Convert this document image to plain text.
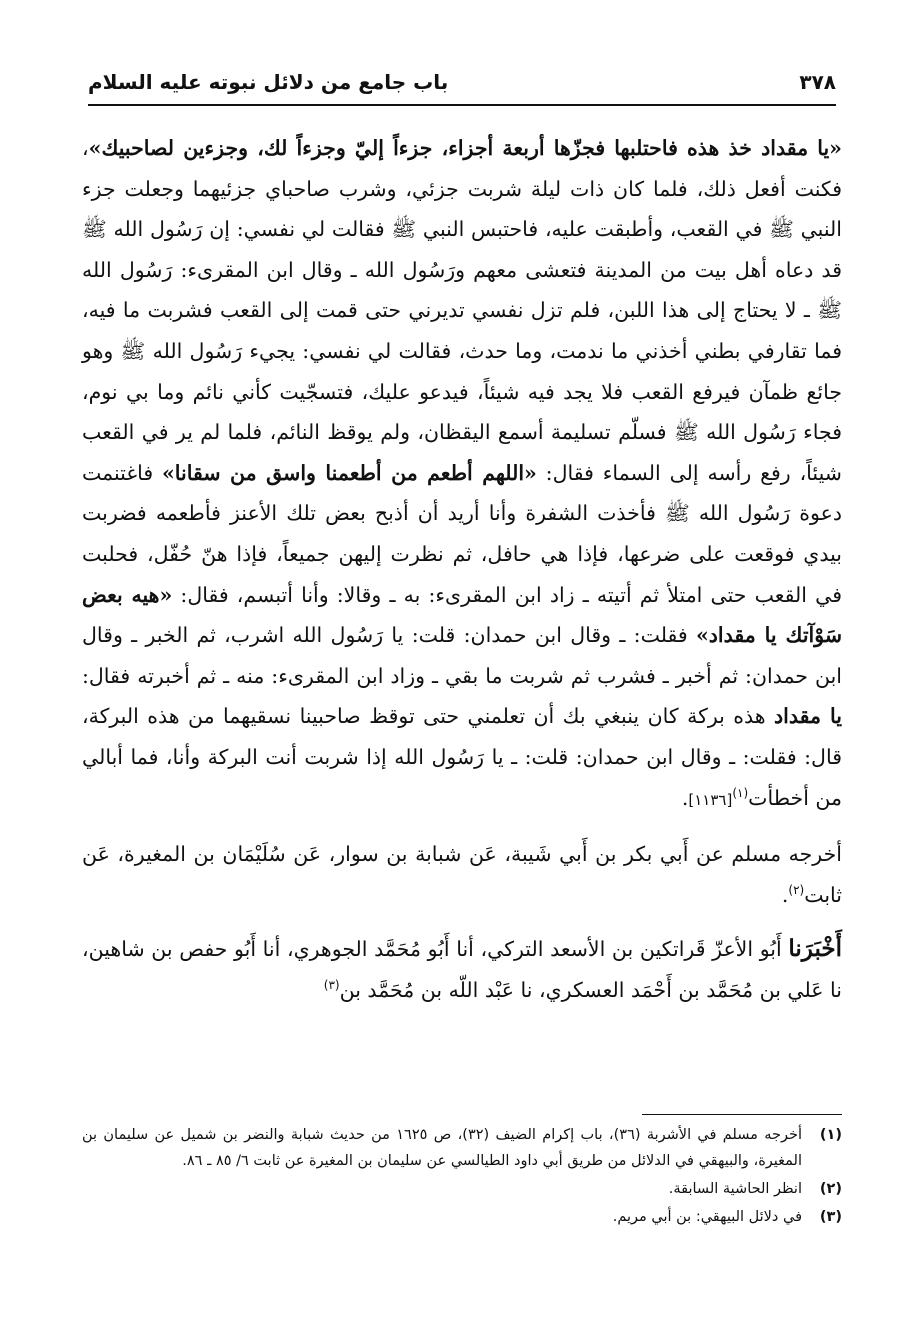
٣٧٨
باب جامع من دلائل نبوته عليه السلام

«يا مقداد خذ هذه فاحتلبها فجزّها أربعة أجزاء، جزءاً إليّ وجزءاً لك، وجزءين لصاحبيك»، فكنت أفعل ذلك، فلما كان ذات ليلة شربت جزئي، وشرب صاحباي جزئيهما وجعلت جزء النبي ﷺ في القعب، وأطبقت عليه، فاحتبس النبي ﷺ فقالت لي نفسي: إن رَسُول الله ﷺ قد دعاه أهل بيت من المدينة فتعشى معهم ورَسُول الله ـ وقال ابن المقرىء: رَسُول الله ﷺ ـ لا يحتاج إلى هذا اللبن، فلم تزل نفسي تديرني حتى قمت إلى القعب فشربت ما فيه، فما تقارفي بطني أخذني ما ندمت، وما حدث، فقالت لي نفسي: يجيء رَسُول الله ﷺ وهو جائع ظمآن فيرفع القعب فلا يجد فيه شيئاً، فيدعو عليك، فتسجّيت كأني نائم وما بي نوم، فجاء رَسُول الله ﷺ فسلّم تسليمة أسمع اليقظان، ولم يوقظ النائم، فلما لم ير في القعب شيئاً، رفع رأسه إلى السماء فقال: «اللهم أطعم من أطعمنا واسق من سقانا» فاغتنمت دعوة رَسُول الله ﷺ فأخذت الشفرة وأنا أريد أن أذبح بعض تلك الأعنز فأطعمه فضربت بيدي فوقعت على ضرعها، فإذا هي حافل، ثم نظرت إليهن جميعاً، فإذا هنّ حُفّل، فحلبت في القعب حتى امتلأ ثم أتيته ـ زاد ابن المقرىء: به ـ وقالا: وأنا أتبسم، فقال: «هيه بعض سَوْآتك يا مقداد» فقلت: ـ وقال ابن حمدان: قلت: يا رَسُول الله اشرب، ثم الخبر ـ وقال ابن حمدان: ثم أخبر ـ فشرب ثم شربت ما بقي ـ وزاد ابن المقرىء: منه ـ ثم أخبرته فقال: يا مقداد هذه بركة كان ينبغي بك أن تعلمني حتى توقظ صاحبينا نسقيهما من هذه البركة، قال: فقلت: ـ وقال ابن حمدان: قلت: ـ يا رَسُول الله إذا شربت أنت البركة وأنا، فما أبالي من أخطأت$^{(١)}$[١١٣٦].

أخرجه مسلم عن أَبي بكر بن أَبي شَيبة، عَن شبابة بن سوار، عَن سُلَيْمَان بن المغيرة، عَن ثابت$^{(٢)}$.

أَخْبَرَنا أَبُو الأعزّ قَراتكين بن الأسعد التركي، أنا أَبُو مُحَمَّد الجوهري، أنا أَبُو حفص بن شاهين، نا عَلي بن مُحَمَّد بن أَحْمَد العسكري، نا عَبْد اللّه بن مُحَمَّد بن$^{(٣)}$

(١)
أخرجه مسلم في الأشربة (٣٦)، باب إكرام الضيف (٣٢)، ص ١٦٢٥ من حديث شبابة والنضر بن شميل عن سليمان بن المغيرة، والبيهقي في الدلائل من طريق أبي داود الطيالسي عن سليمان بن المغيرة عن ثابت ٦/ ٨٥ ـ ٨٦.
(٢)
انظر الحاشية السابقة.
(٣)
في دلائل البيهقي: بن أبي مريم.
